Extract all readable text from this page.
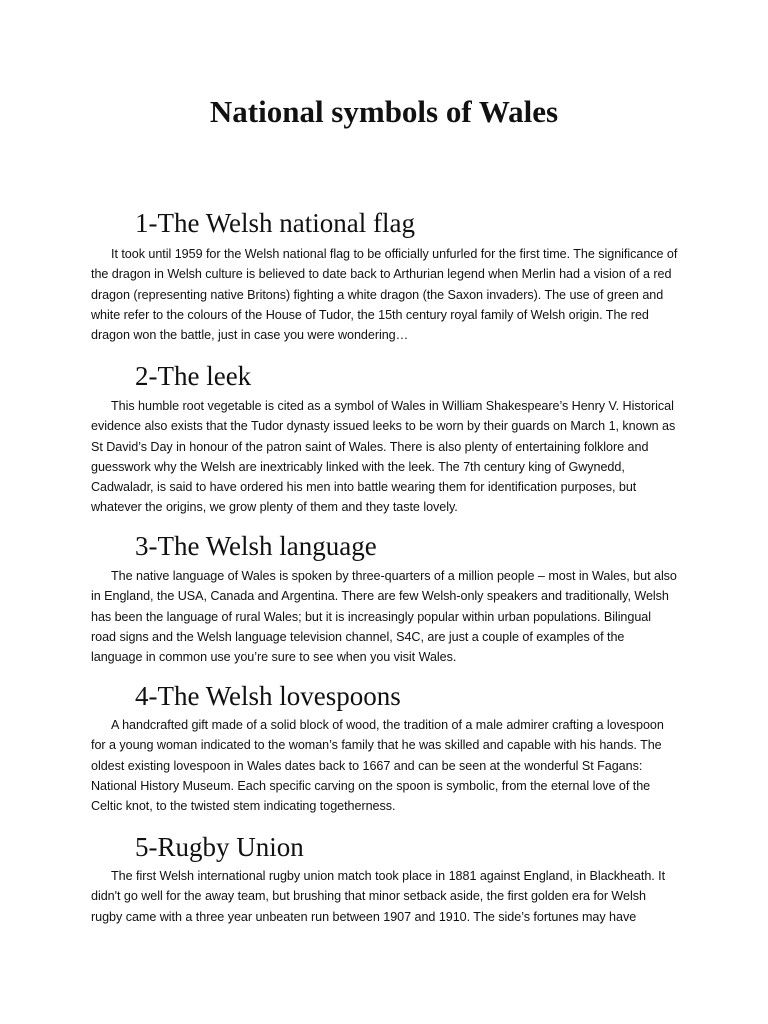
National symbols of Wales
1-The Welsh national flag

It took until 1959 for the Welsh national flag to be officially unfurled for the first time. The significance of the dragon in Welsh culture is believed to date back to Arthurian legend when Merlin had a vision of a red dragon (representing native Britons) fighting a white dragon (the Saxon invaders). The use of green and white refer to the colours of the House of Tudor, the 15th century royal family of Welsh origin. The red dragon won the battle, just in case you were wondering…

2-The leek

This humble root vegetable is cited as a symbol of Wales in William Shakespeare’s Henry V. Historical evidence also exists that the Tudor dynasty issued leeks to be worn by their guards on March 1, known as St David’s Day in honour of the patron saint of Wales. There is also plenty of entertaining folklore and guesswork why the Welsh are inextricably linked with the leek. The 7th century king of Gwynedd, Cadwaladr, is said to have ordered his men into battle wearing them for identification purposes, but whatever the origins, we grow plenty of them and they taste lovely.

3-The Welsh language

The native language of Wales is spoken by three-quarters of a million people – most in Wales, but also in England, the USA, Canada and Argentina. There are few Welsh-only speakers and traditionally, Welsh has been the language of rural Wales; but it is increasingly popular within urban populations. Bilingual road signs and the Welsh language television channel, S4C, are just a couple of examples of the language in common use you’re sure to see when you visit Wales.

4-The Welsh lovespoons

A handcrafted gift made of a solid block of wood, the tradition of a male admirer crafting a lovespoon for a young woman indicated to the woman’s family that he was skilled and capable with his hands. The oldest existing lovespoon in Wales dates back to 1667 and can be seen at the wonderful St Fagans: National History Museum. Each specific carving on the spoon is symbolic, from the eternal love of the Celtic knot, to the twisted stem indicating togetherness.

5-Rugby Union

The first Welsh international rugby union match took place in 1881 against England, in Blackheath. It didn't go well for the away team, but brushing that minor setback aside, the first golden era for Welsh rugby came with a three year unbeaten run between 1907 and 1910. The side’s fortunes may have
